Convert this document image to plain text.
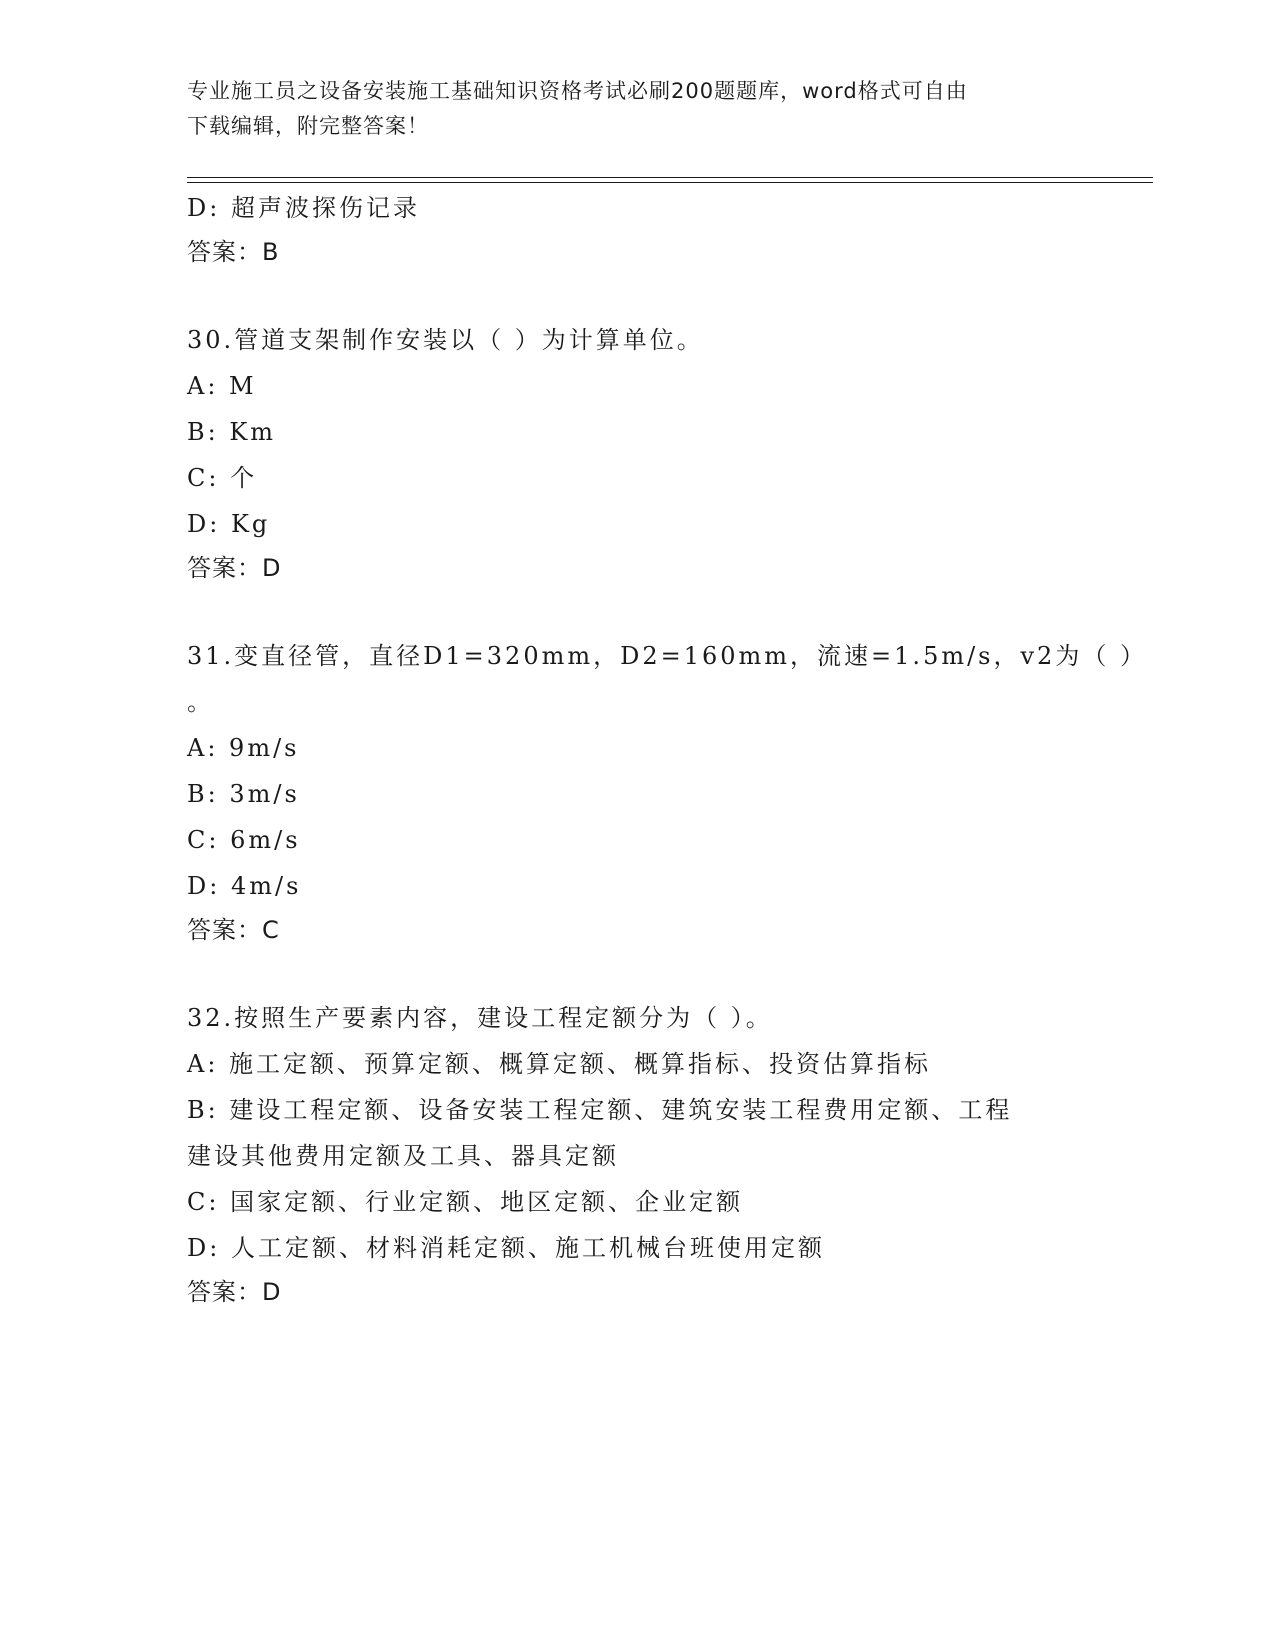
专业施工员之设备安装施工基础知识资格考试必刷200题题库，word格式可自由
下载编辑，附完整答案！
D: 超声波探伤记录
答案：B
30.管道支架制作安装以（ ）为计算单位。
A: M
B: Km
C: 个
D: Kg
答案：D
31.变直径管，直径D1=320mm，D2=160mm，流速=1.5m/s，v2为（ ）
。
A: 9m/s
B: 3m/s
C: 6m/s
D: 4m/s
答案：C
32.按照生产要素内容，建设工程定额分为（ ）。
A: 施工定额、预算定额、概算定额、概算指标、投资估算指标
B: 建设工程定额、设备安装工程定额、建筑安装工程费用定额、工程
建设其他费用定额及工具、器具定额
C: 国家定额、行业定额、地区定额、企业定额
D: 人工定额、材料消耗定额、施工机械台班使用定额
答案：D
